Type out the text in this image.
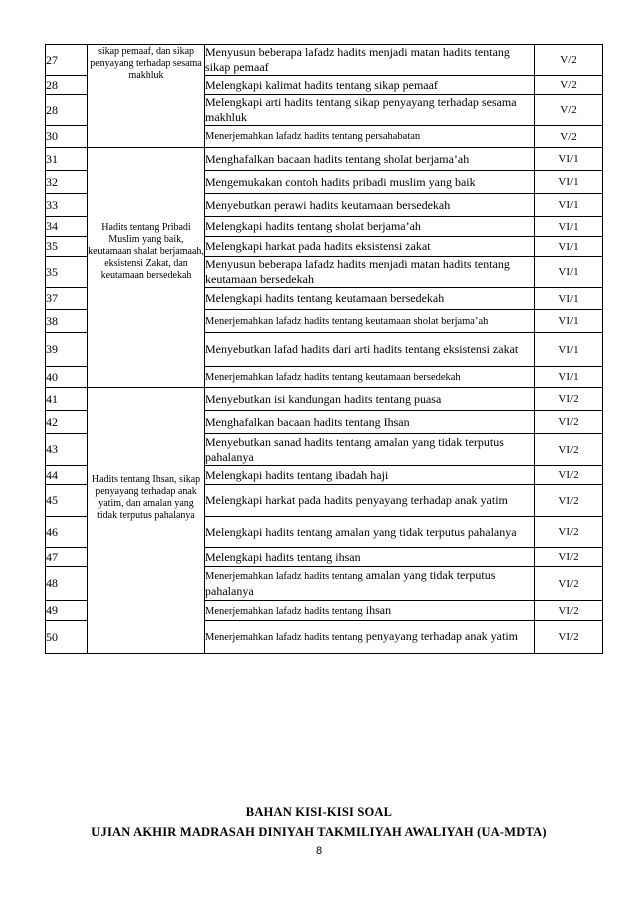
27	sikap pemaaf, dan sikap penyayang terhadap sesama makhluk	Menyusun beberapa lafadz hadits menjadi matan hadits tentang sikap pemaaf	V/2
28		Melengkapi kalimat hadits tentang sikap pemaaf	V/2
28		Melengkapi arti hadits tentang sikap penyayang terhadap sesama makhluk	V/2
30		Menerjemahkan lafadz hadits tentang persahabatan	V/2
31	Hadits tentang Pribadi Muslim yang baik, keutamaan shalat berjamaah, eksistensi Zakat, dan keutamaan bersedekah	Menghafalkan bacaan hadits tentang sholat berjama’ah	VI/1
32		Mengemukakan contoh hadits pribadi muslim yang baik	VI/1
33		Menyebutkan perawi hadits keutamaan bersedekah	VI/1
34		Melengkapi hadits tentang sholat berjama’ah	VI/1
35		Melengkapi harkat pada hadits eksistensi zakat	VI/1
35		Menyusun beberapa lafadz hadits menjadi matan hadits tentang keutamaan bersedekah	VI/1
37		Melengkapi hadits tentang keutamaan bersedekah	VI/1
38		Menerjemahkan lafadz hadits tentang keutamaan sholat berjama’ah	VI/1
39		Menyebutkan lafad hadits dari arti hadits tentang eksistensi zakat	VI/1
40		Menerjemahkan lafadz hadits tentang keutamaan bersedekah	VI/1
41	Hadits tentang Ihsan, sikap penyayang terhadap anak yatim, dan amalan yang tidak terputus pahalanya	Menyebutkan isi kandungan hadits tentang puasa	VI/2
42		Menghafalkan bacaan hadits tentang Ihsan	VI/2
43		Menyebutkan sanad hadits tentang amalan yang tidak terputus pahalanya	VI/2
44		Melengkapi hadits tentang ibadah haji	VI/2
45		Melengkapi harkat pada hadits penyayang terhadap anak yatim	VI/2
46		Melengkapi hadits tentang amalan yang tidak terputus pahalanya	VI/2
47		Melengkapi hadits tentang ihsan	VI/2
48		Menerjemahkan lafadz hadits tentang amalan yang tidak terputus pahalanya	VI/2
49		Menerjemahkan lafadz hadits tentang ihsan	VI/2
50		Menerjemahkan lafadz hadits tentang penyayang terhadap anak yatim	VI/2
BAHAN KISI-KISI SOAL
UJIAN AKHIR MADRASAH DINIYAH TAKMILIYAH AWALIYAH (UA-MDTA)
8
